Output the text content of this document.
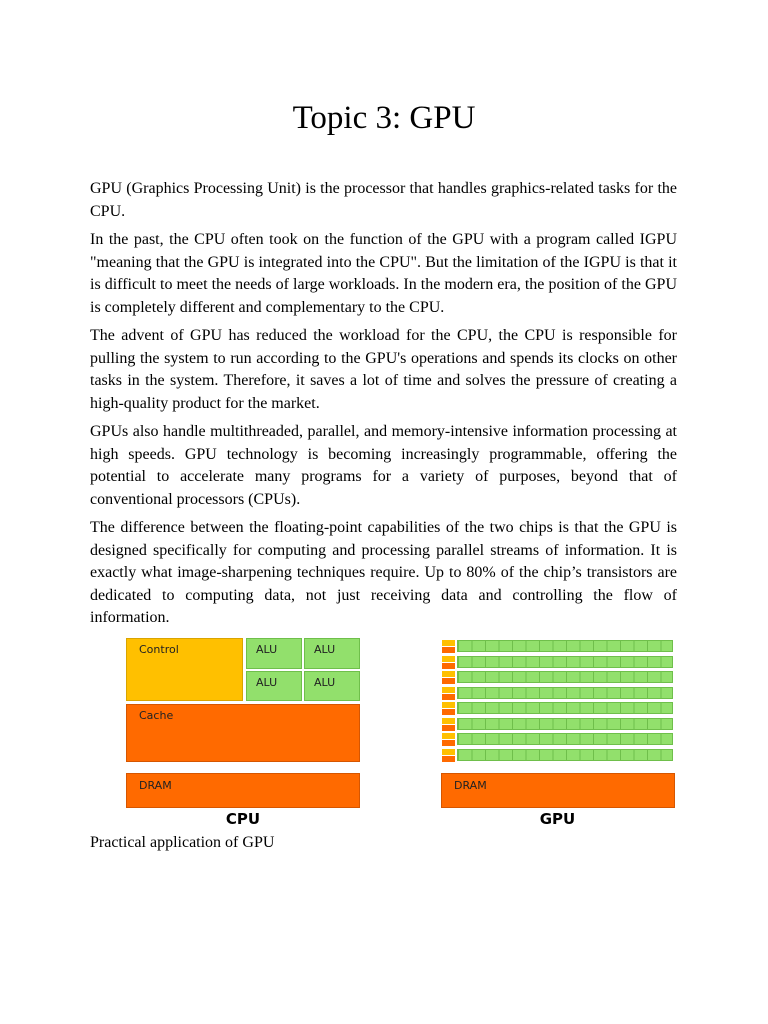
Topic 3: GPU

GPU (Graphics Processing Unit) is the processor that handles graphics-related tasks for the CPU.

In the past, the CPU often took on the function of the GPU with a program called IGPU "meaning that the GPU is integrated into the CPU". But the limitation of the IGPU is that it is difficult to meet the needs of large workloads. In the modern era, the position of the GPU is completely different and complementary to the CPU.

The advent of GPU has reduced the workload for the CPU, the CPU is responsible for pulling the system to run according to the GPU's operations and spends its clocks on other tasks in the system. Therefore, it saves a lot of time and solves the pressure of creating a high-quality product for the market.

GPUs also handle multithreaded, parallel, and memory-intensive information processing at high speeds. GPU technology is becoming increasingly programmable, offering the potential to accelerate many programs for a variety of purposes, beyond that of conventional processors (CPUs).

The difference between the floating-point capabilities of the two chips is that the GPU is designed specifically for computing and processing parallel streams of information. It is exactly what image-sharpening techniques require. Up to 80% of the chip’s transistors are dedicated to computing data, not just receiving data and controlling the flow of information.

Control	ALU	ALU
ALU	ALU
Cache
DRAM
CPU
DRAM
GPU

Practical application of GPU
